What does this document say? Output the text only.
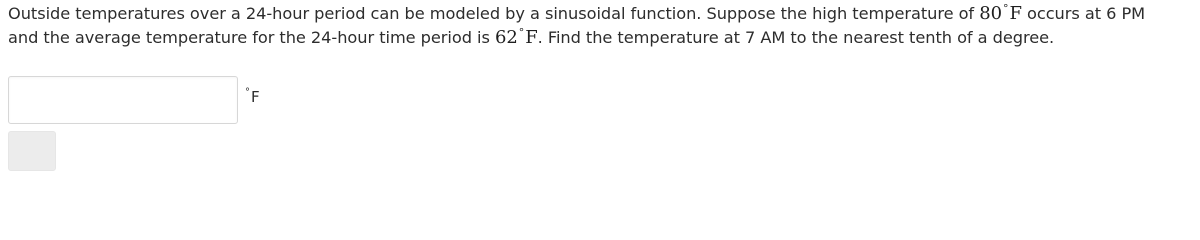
Outside temperatures over a 24-hour period can be modeled by a sinusoidal function. Suppose the high temperature of 80°F occurs at 6 PM
and the average temperature for the 24-hour time period is 62°F. Find the temperature at 7 AM to the nearest tenth of a degree.
°F
